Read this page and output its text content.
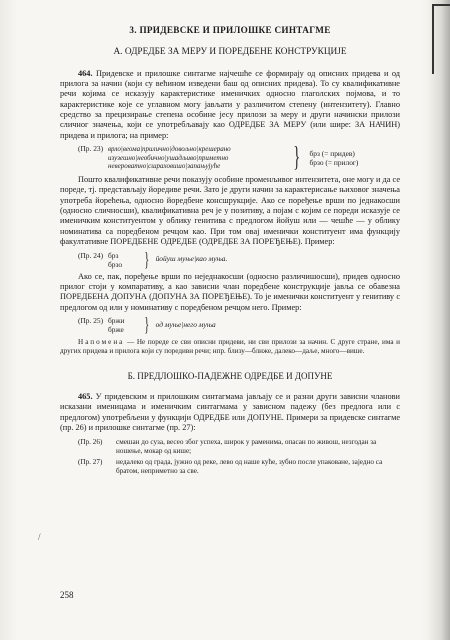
3. ПРИДЕВСКЕ И ПРИЛОШКЕ СИНТАГМЕ
А. ОДРЕДБЕ ЗА МЕРУ И ПОРЕДБЕНЕ КОНСТРУКЦИЈЕ

464. Придевске и прилошке синтагме најчешће се формирају од описних придева и од прилога за начин (који су већином изведени баш од описних придева). То су квалификативне речи којима се исказују карактеристике именичких односно глаголских појмова, и то карактеристике које се углавном могу јављати у различитом степену (интензитету). Главно средство за прецизирање степена особине јесу прилози за меру и други начински прилози сличног значења, који се употребљавају као ОДРЕДБЕ ЗА МЕРУ (или шире: ЗА НАЧИН) придева и прилога; на пример:

(Пр. 23) врло|веома|прилично|довољно|крешерано
изузешно|необично|ушадљиво|приметно
невероватно|сшраховишо|запањујуће	} брз (= придев)
брзо (= прилог)

Пошто квалификативне речи показују особине променљивог интензитета, оне могу и да се пореде, тј. представљају йоредиве речи. Зато је други начин за карактерисање њиховог значења употреба йорећења, односно йоредбене консшрукције. Ако се поређење врши по једнакосши (односно сличносши), квалификативна реч је у позитиву, а појам с којим се пореди исказује се именичким конституентом у облику генитива с предлогом йойуш или — чешће — у облику номинатива са поредбеном речцом као. При том овај именички конституент има функцију факултативне ПОРЕДБЕНЕ ОДРЕДБЕ (ОДРЕДБЕ ЗА ПОРЕЂЕЊЕ). Пример:

(Пр. 24) брз
брзо	} йойуш муње|као муња.

Ако се, пак, поређење врши по неједнакосши (односно различишосши), придев односно прилог стоји у компаративу, а као зависни члан поредбене конструкције јавља се обавезна ПОРЕДБЕНА ДОПУНА (ДОПУНА ЗА ПОРЕЂЕЊЕ). То је именички конституент у генитиву с предлогом од или у номинативу с поредбеном речцом нeго. Пример:

(Пр. 25) бржи
брже	} од муње|нeго муња

Напомена — Не пореде се сви описни придеви, ни сви прилози за начин. С друге стране, има и других придева и прилога који су поредиви речи; нпр. близу—ближе, далеко—даље, много—више.

Б. ПРЕДЛОШКО-ПАДЕЖНЕ ОДРЕДБЕ И ДОПУНЕ

465. У придевским и прилошким синтагмама јављају се и разни други зависни чланови исказани именицама и именичким синтагмама у зависном падежу (без предлога или с предлогом) употребљени у функцији ОДРЕДБЕ или ДОПУНЕ. Примери за придевске синтагме (пр. 26) и прилошке синтагме (пр. 27):

(Пр. 26)	смешан до суза, весео због успеха, широк у раменима, опасан по живош, незгодан за ношење, мокар од кише;
(Пр. 27)	недалеко од града, јужно од реке, лево од наше куће, зубно после упаковане, заједно са братом, непримeтно за све.
/
258
